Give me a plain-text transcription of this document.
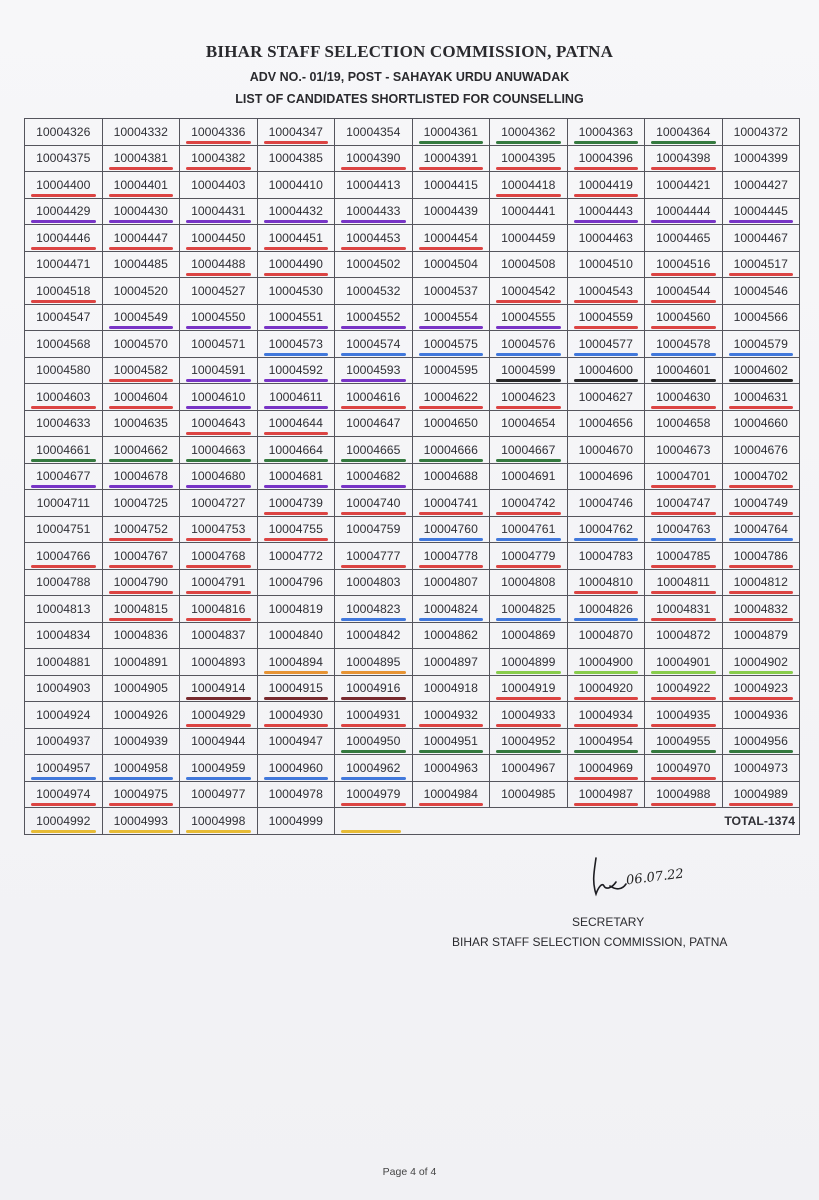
BIHAR STAFF SELECTION COMMISSION, PATNA
ADV NO.- 01/19, POST - SAHAYAK URDU ANUWADAK
LIST OF CANDIDATES SHORTLISTED FOR COUNSELLING
10004326	10004332	10004336	10004347	10004354	10004361	10004362	10004363	10004364	10004372
10004375	10004381	10004382	10004385	10004390	10004391	10004395	10004396	10004398	10004399
10004400	10004401	10004403	10004410	10004413	10004415	10004418	10004419	10004421	10004427
10004429	10004430	10004431	10004432	10004433	10004439	10004441	10004443	10004444	10004445

10004446	10004447	10004450	10004451	10004453	10004454	10004459	10004463	10004465	10004467
10004471	10004485	10004488	10004490	10004502	10004504	10004508	10004510	10004516	10004517

10004518	10004520	10004527	10004530	10004532	10004537	10004542	10004543	10004544	10004546
10004547	10004549	10004550	10004551	10004552	10004554	10004555	10004559	10004560	10004566
10004568	10004570	10004571	10004573	10004574	10004575	10004576	10004577	10004578	10004579

10004580	10004582	10004591	10004592	10004593	10004595	10004599	10004600	10004601	10004602

10004603	10004604	10004610	10004611	10004616	10004622	10004623	10004627	10004630	10004631

10004633	10004635	10004643	10004644	10004647	10004650	10004654	10004656	10004658	10004660
10004661	10004662	10004663	10004664	10004665	10004666	10004667	10004670	10004673	10004676
10004677	10004678	10004680	10004681	10004682	10004688	10004691	10004696	10004701	10004702

10004711	10004725	10004727	10004739	10004740	10004741	10004742	10004746	10004747	10004749

10004751	10004752	10004753	10004755	10004759	10004760	10004761	10004762	10004763	10004764

10004766	10004767	10004768	10004772	10004777	10004778	10004779	10004783	10004785	10004786

10004788	10004790	10004791	10004796	10004803	10004807	10004808	10004810	10004811	10004812

10004813	10004815	10004816	10004819	10004823	10004824	10004825	10004826	10004831	10004832

10004834	10004836	10004837	10004840	10004842	10004862	10004869	10004870	10004872	10004879
10004881	10004891	10004893	10004894	10004895	10004897	10004899	10004900	10004901	10004902

10004903	10004905	10004914	10004915	10004916	10004918	10004919	10004920	10004922	10004923

10004924	10004926	10004929	10004930	10004931	10004932	10004933	10004934	10004935	10004936
10004937	10004939	10004944	10004947	10004950	10004951	10004952	10004954	10004955	10004956

10004957	10004958	10004959	10004960	10004962	10004963	10004967	10004969	10004970	10004973
10004974	10004975	10004977	10004978	10004979	10004984	10004985	10004987	10004988	10004989

10004992	10004993	10004998	10004999						TOTAL-1374
06.07.22
SECRETARY
BIHAR STAFF SELECTION COMMISSION, PATNA
Page 4 of 4
